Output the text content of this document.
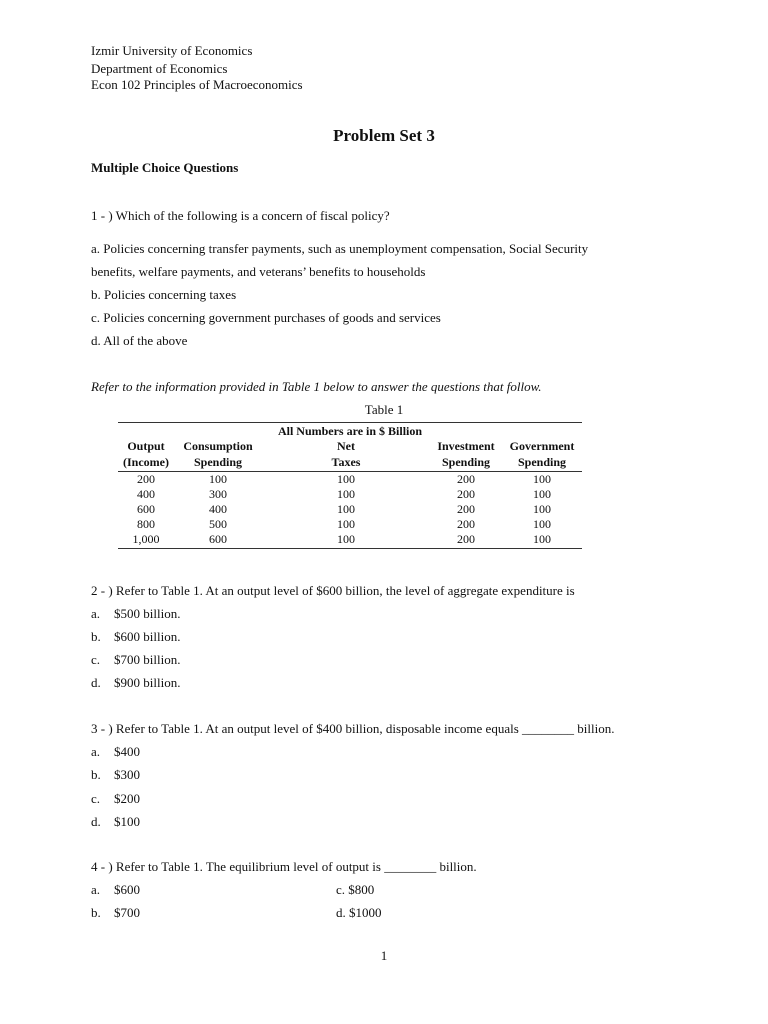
Izmir University of Economics
Department of Economics
Econ 102 Principles of Macroeconomics
Problem Set 3
Multiple Choice Questions
1 - ) Which of the following is a concern of fiscal policy?
a. Policies concerning transfer payments, such as unemployment compensation, Social Security
benefits, welfare payments, and veterans’ benefits to households
b. Policies concerning taxes
c. Policies concerning government purchases of goods and services
d. All of the above
Refer to the information provided in Table 1 below to answer the questions that follow.
Table 1
All Numbers are in $ Billion
Output	Consumption	Net	Investment	Government
(Income)	Spending	Taxes	Spending	Spending
200	100	100	200	100
400	300	100	200	100
600	400	100	200	100
800	500	100	200	100
1,000	600	100	200	100
2 - ) Refer to Table 1. At an output level of $600 billion, the level of aggregate expenditure is
a. $500 billion.
b. $600 billion.
c. $700 billion.
d. $900 billion.
3 - ) Refer to Table 1. At an output level of $400 billion, disposable income equals ________ billion.
a. $400
b. $300
c. $200
d. $100
4 - ) Refer to Table 1. The equilibrium level of output is ________ billion.
a. $600
b. $700
c. $800
d. $1000
1
